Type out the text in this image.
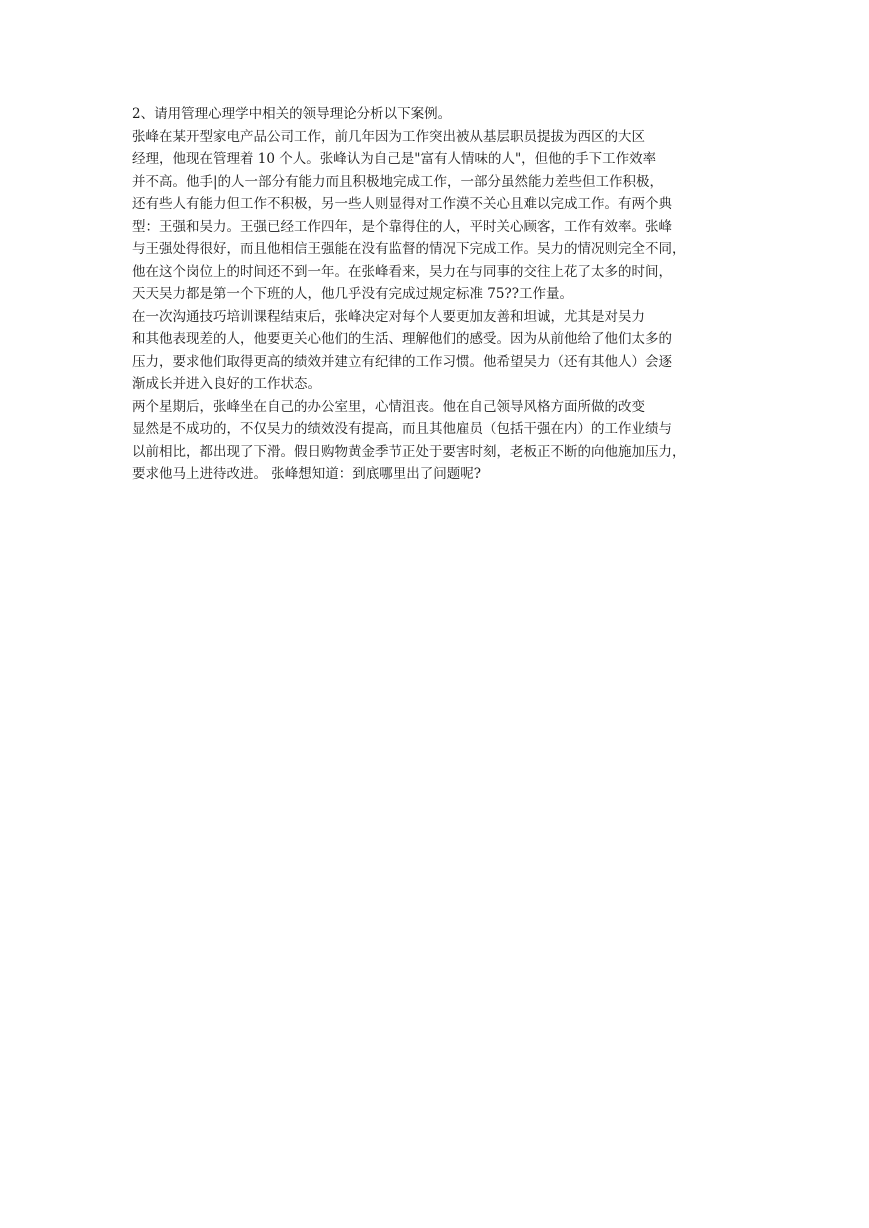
2、请用管理心理学中相关的领导理论分析以下案例。
张峰在某开型家电产品公司工作，前几年因为工作突出被从基层职员提拔为西区的大区
经理，他现在管理着 10 个人。张峰认为自己是"富有人情味的人"，但他的手下工作效率
并不高。他手|的人一部分有能力而且积极地完成工作，一部分虽然能力差些但工作积极，
还有些人有能力但工作不积极，另一些人则显得对工作漠不关心且难以完成工作。有两个典
型：王强和吴力。王强已经工作四年，是个靠得住的人，平时关心顾客，工作有效率。张峰
与王强处得很好，而且他相信王强能在没有监督的情况下完成工作。吴力的情况则完全不同，
他在这个岗位上的时间还不到一年。在张峰看来，吴力在与同事的交往上花了太多的时间，
天天吴力都是第一个下班的人，他几乎没有完成过规定标准 75??工作量。
在一次沟通技巧培训课程结束后，张峰决定对每个人要更加友善和坦诚，尤其是对吴力
和其他表现差的人，他要更关心他们的生活、理解他们的感受。因为从前他给了他们太多的
压力，要求他们取得更高的绩效并建立有纪律的工作习惯。他希望吴力（还有其他人）会逐
渐成长并进入良好的工作状态。
两个星期后，张峰坐在自己的办公室里，心情沮丧。他在自己领导风格方面所做的改变
显然是不成功的，不仅吴力的绩效没有提高，而且其他雇员（包括干强在内）的工作业绩与
以前相比，都出现了下滑。假日购物黄金季节正处于要害时刻，老板正不断的向他施加压力，
要求他马上进待改进。 张峰想知道：到底哪里出了问题呢?
